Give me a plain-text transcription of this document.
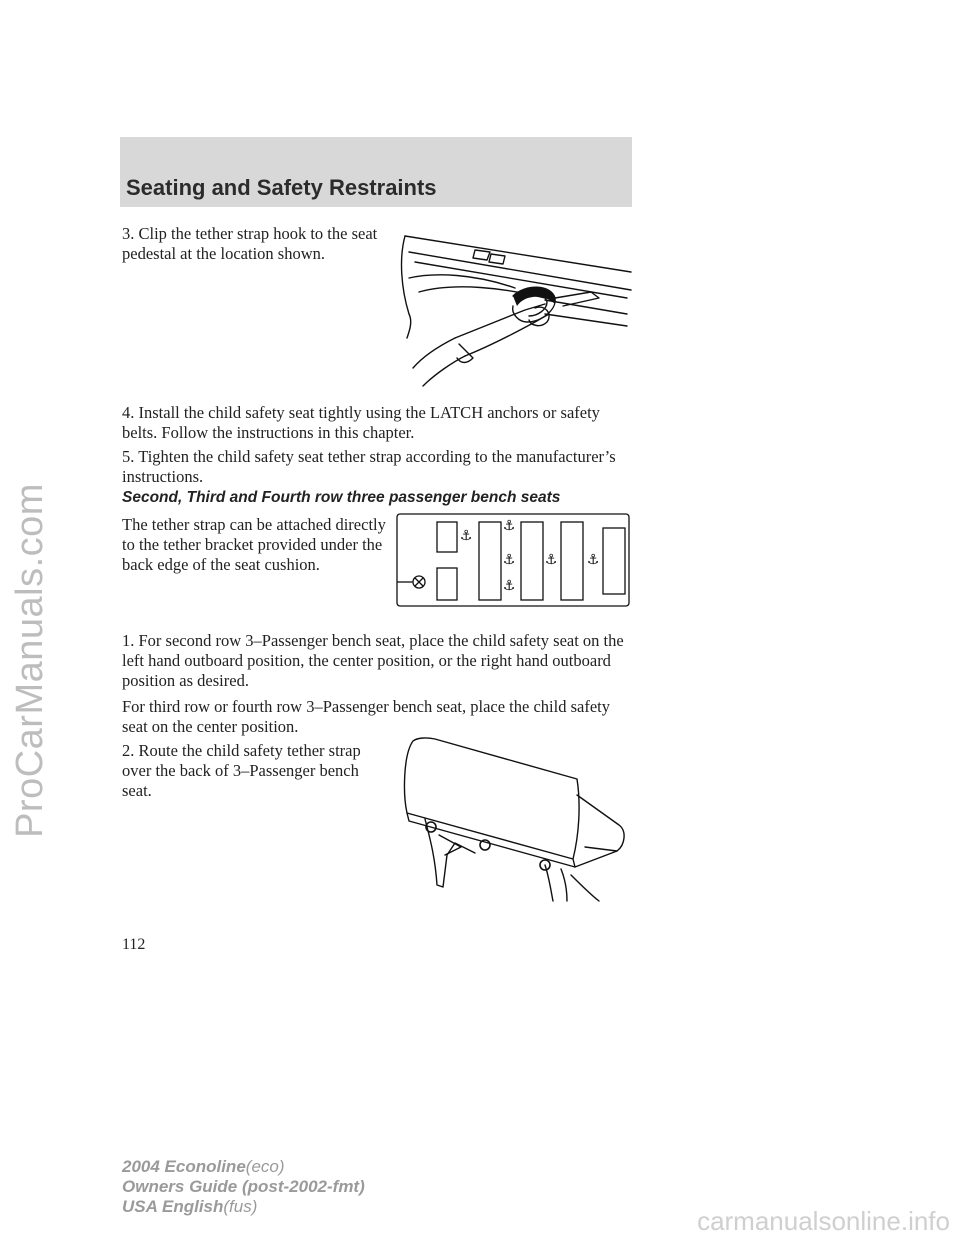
ProCarManuals.com
Seating and Safety Restraints

3. Clip the tether strap hook to the seat pedestal at the location shown.

4. Install the child safety seat tightly using the LATCH anchors or safety belts. Follow the instructions in this chapter.

5. Tighten the child safety seat tether strap according to the manufacturer’s instructions.

Second, Third and Fourth row three passenger bench seats

The tether strap can be attached directly to the tether bracket provided under the back edge of the seat cushion.

⚓
⚓
⚓
⚓
⚓ ⚓

1. For second row 3–Passenger bench seat, place the child safety seat on the left hand outboard position, the center position, or the right hand outboard position as desired.

For third row or fourth row 3–Passenger bench seat, place the child safety seat on the center position.

2. Route the child safety tether strap over the back of 3–Passenger bench seat.

112

2004 Econoline(eco)
Owners Guide (post-2002-fmt)
USA English(fus)	carmanualsonline.info
